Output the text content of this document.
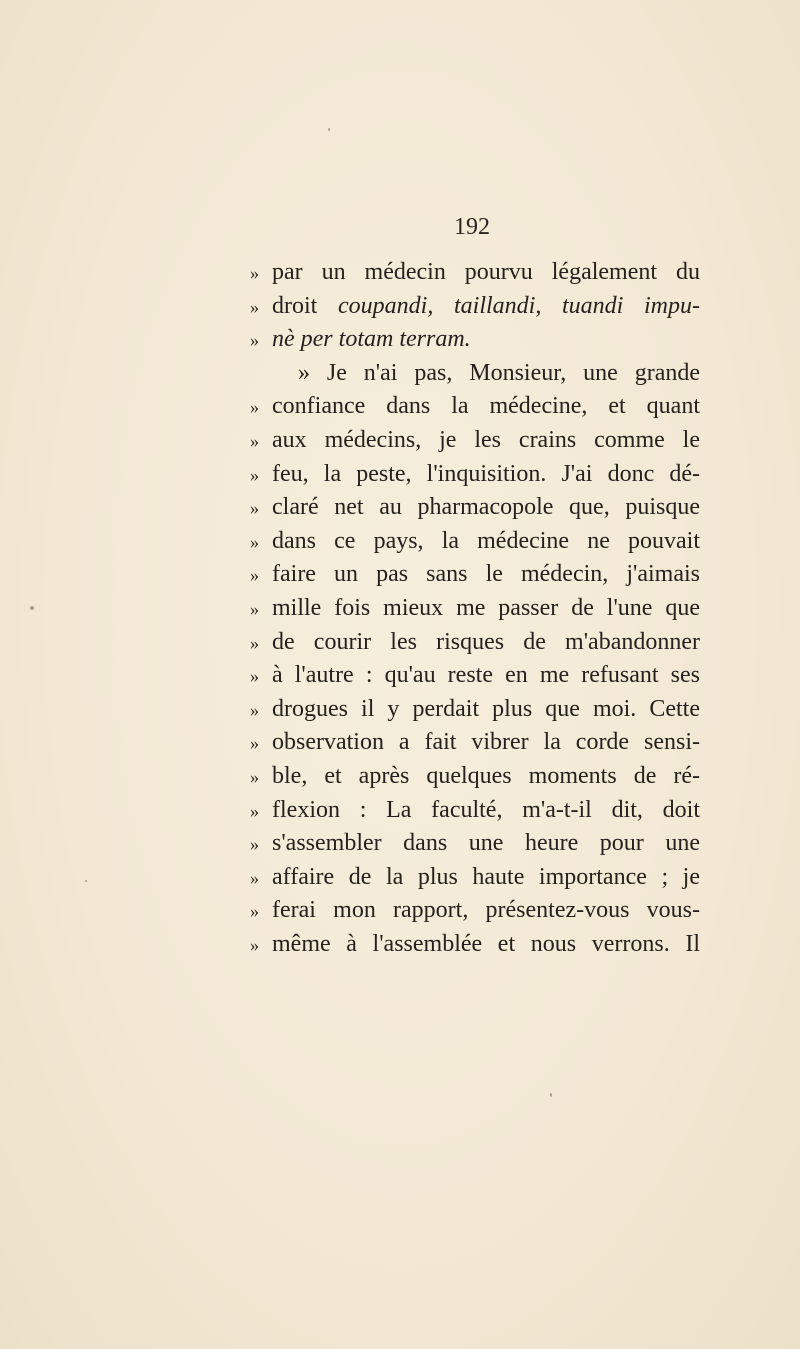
192
» par un médecin pourvu légalement du
» droit coupandi, taillandi, tuandi impu-
» nè per totam terram.
» Je n'ai pas, Monsieur, une grande
» confiance dans la médecine, et quant
» aux médecins, je les crains comme le
» feu, la peste, l'inquisition. J'ai donc dé-
» claré net au pharmacopole que, puisque
» dans ce pays, la médecine ne pouvait
» faire un pas sans le médecin, j'aimais
» mille fois mieux me passer de l'une que
» de courir les risques de m'abandonner
» à l'autre : qu'au reste en me refusant ses
» drogues il y perdait plus que moi. Cette
» observation a fait vibrer la corde sensi-
» ble, et après quelques moments de ré-
» flexion : La faculté, m'a-t-il dit, doit
» s'assembler dans une heure pour une
» affaire de la plus haute importance ; je
» ferai mon rapport, présentez-vous vous-
» même à l'assemblée et nous verrons. Il
